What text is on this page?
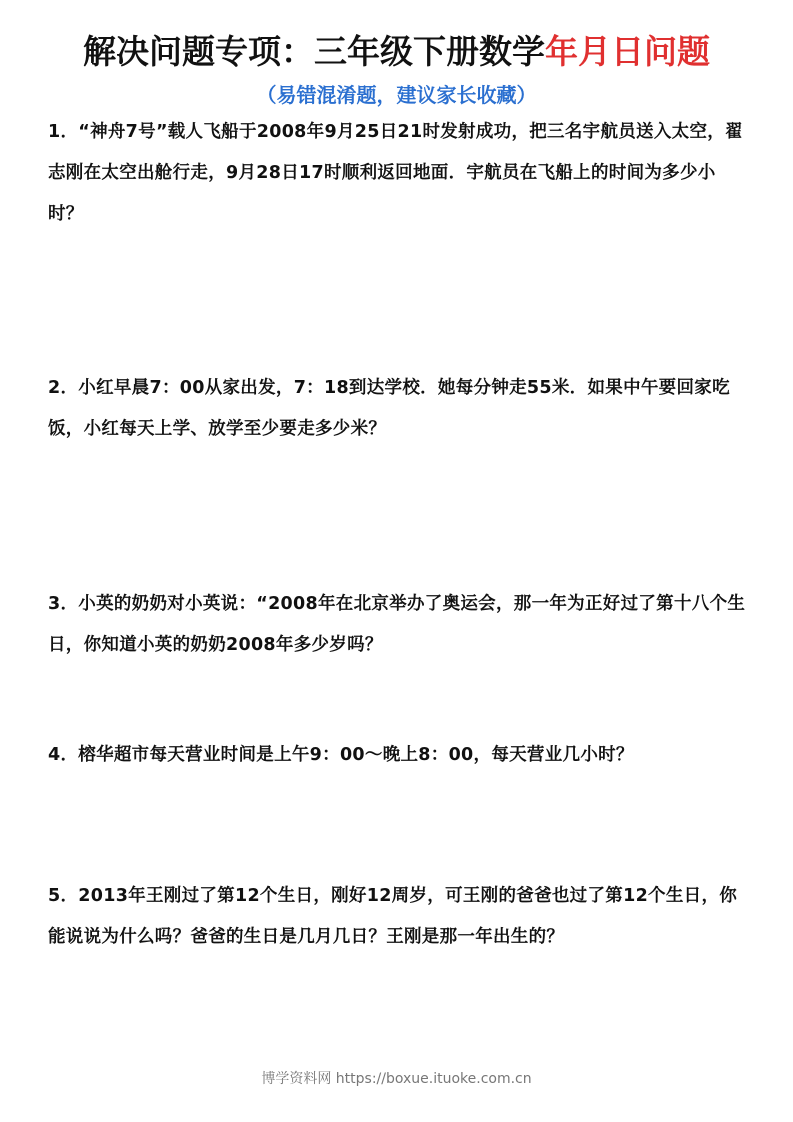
解决问题专项：三年级下册数学年月日问题
（易错混淆题，建议家长收藏）
1．“神舟7号”载人飞船于2008年9月25日21时发射成功，把三名宇航员送入太空，翟志刚在太空出舱行走，9月28日17时顺利返回地面．宇航员在飞船上的时间为多少小时？
2．小红早晨7：00从家出发，7：18到达学校．她每分钟走55米．如果中午要回家吃饭，小红每天上学、放学至少要走多少米？
3．小英的奶奶对小英说：“2008年在北京举办了奥运会，那一年为正好过了第十八个生日，你知道小英的奶奶2008年多少岁吗？
4．榕华超市每天营业时间是上午9：00～晚上8：00，每天营业几小时？
5．2013年王刚过了第12个生日，刚好12周岁，可王刚的爸爸也过了第12个生日，你能说说为什么吗？爸爸的生日是几月几日？王刚是那一年出生的？
博学资料网 https://boxue.ituoke.com.cn
